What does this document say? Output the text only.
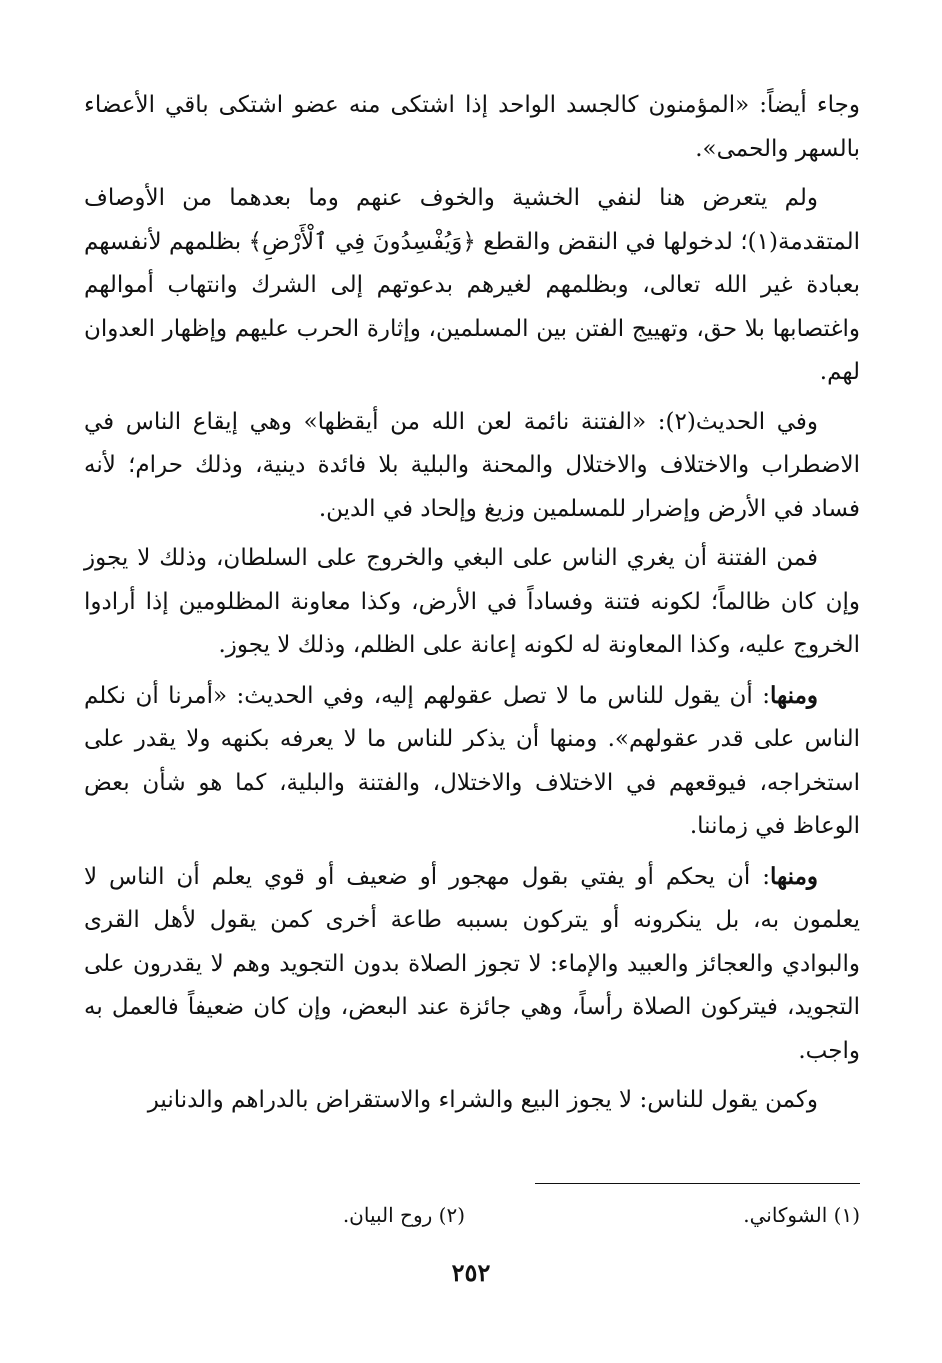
وجاء أيضاً: «المؤمنون كالجسد الواحد إذا اشتكى منه عضو اشتكى باقي الأعضاء بالسهر والحمى».

ولم يتعرض هنا لنفي الخشية والخوف عنهم وما بعدهما من الأوصاف المتقدمة(١)؛ لدخولها في النقض والقطع ﴿وَيُفْسِدُونَ فِي ٱلْأَرْضِ﴾ بظلمهم لأنفسهم بعبادة غير الله تعالى، وبظلمهم لغيرهم بدعوتهم إلى الشرك وانتهاب أموالهم واغتصابها بلا حق، وتهييج الفتن بين المسلمين، وإثارة الحرب عليهم وإظهار العدوان لهم.

وفي الحديث(٢): «الفتنة نائمة لعن الله من أيقظها» وهي إيقاع الناس في الاضطراب والاختلاف والاختلال والمحنة والبلية بلا فائدة دينية، وذلك حرام؛ لأنه فساد في الأرض وإضرار للمسلمين وزيغ وإلحاد في الدين.

فمن الفتنة أن يغري الناس على البغي والخروج على السلطان، وذلك لا يجوز وإن كان ظالماً؛ لكونه فتنة وفساداً في الأرض، وكذا معاونة المظلومين إذا أرادوا الخروج عليه، وكذا المعاونة له لكونه إعانة على الظلم، وذلك لا يجوز.

ومنها: أن يقول للناس ما لا تصل عقولهم إليه، وفي الحديث: «أمرنا أن نكلم الناس على قدر عقولهم». ومنها أن يذكر للناس ما لا يعرفه بكنهه ولا يقدر على استخراجه، فيوقعهم في الاختلاف والاختلال، والفتنة والبلية، كما هو شأن بعض الوعاظ في زماننا.

ومنها: أن يحكم أو يفتي بقول مهجور أو ضعيف أو قوي يعلم أن الناس لا يعلمون به، بل ينكرونه أو يتركون بسببه طاعة أخرى كمن يقول لأهل القرى والبوادي والعجائز والعبيد والإماء: لا تجوز الصلاة بدون التجويد وهم لا يقدرون على التجويد، فيتركون الصلاة رأساً، وهي جائزة عند البعض، وإن كان ضعيفاً فالعمل به واجب.

وكمن يقول للناس: لا يجوز البيع والشراء والاستقراض بالدراهم والدنانير

(١) الشوكاني.
(٢) روح البيان.
٢٥٢
